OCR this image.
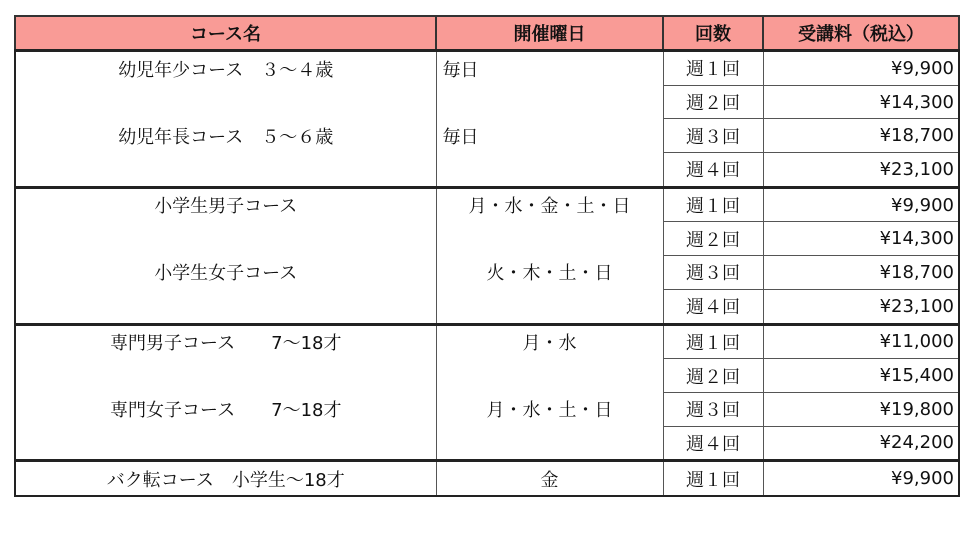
コース名	開催曜日	回数	受講料（税込）
幼児年少コース　３～４歳	毎日	週１回	¥9,900
		週２回	¥14,300
幼児年長コース　５～６歳	毎日	週３回	¥18,700
		週４回	¥23,100
小学生男子コース	月・水・金・土・日	週１回	¥9,900
		週２回	¥14,300
小学生女子コース	火・木・土・日	週３回	¥18,700
		週４回	¥23,100
専門男子コース　　7～18才	月・水	週１回	¥11,000
		週２回	¥15,400
専門女子コース　　7～18才	月・水・土・日	週３回	¥19,800
		週４回	¥24,200
バク転コース　小学生～18才	金	週１回	¥9,900
